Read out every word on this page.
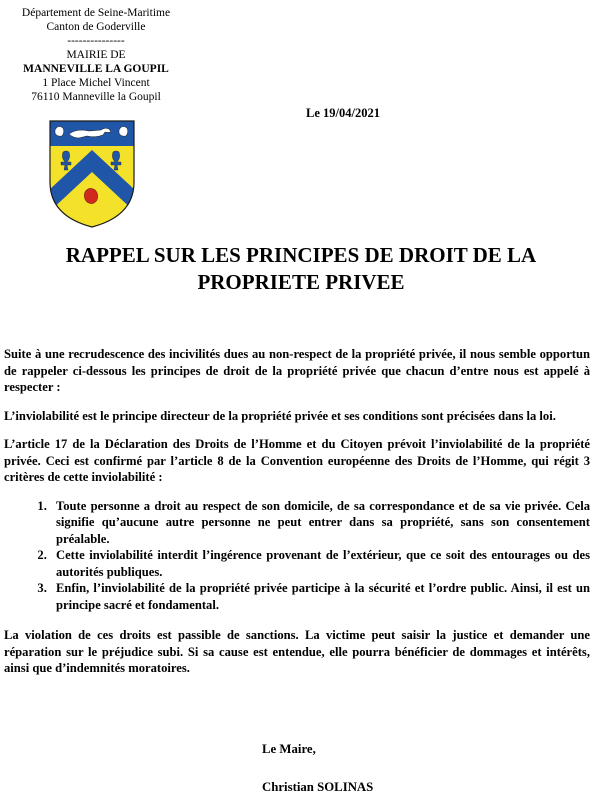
Département de Seine-Maritime
Canton de Goderville
---------------
MAIRIE DE
MANNEVILLE LA GOUPIL
1 Place Michel Vincent
76110 Manneville la Goupil
Le 19/04/2021
RAPPEL SUR LES PRINCIPES DE DROIT DE LA
PROPRIETE PRIVEE

Suite à une recrudescence des incivilités dues au non-respect de la propriété privée, il nous semble opportun de rappeler ci-dessous les principes de droit de la propriété privée que chacun d’entre nous est appelé à respecter :

L’inviolabilité est le principe directeur de la propriété privée et ses conditions sont précisées dans la loi.

L’article 17 de la Déclaration des Droits de l’Homme et du Citoyen prévoit l’inviolabilité de la propriété privée. Ceci est confirmé par l’article 8 de la Convention européenne des Droits de l’Homme, qui régit 3 critères de cette inviolabilité :

1. Toute personne a droit au respect de son domicile, de sa correspondance et de sa vie privée. Cela signifie qu’aucune autre personne ne peut entrer dans sa propriété, sans son consentement préalable.
2. Cette inviolabilité interdit l’ingérence provenant de l’extérieur, que ce soit des entourages ou des autorités publiques.
3. Enfin, l’inviolabilité de la propriété privée participe à la sécurité et l’ordre public. Ainsi, il est un principe sacré et fondamental.

La violation de ces droits est passible de sanctions. La victime peut saisir la justice et demander une réparation sur le préjudice subi. Si sa cause est entendue, elle pourra bénéficier de dommages et intérêts, ainsi que d’indemnités moratoires.

Le Maire,
Christian SOLINAS
